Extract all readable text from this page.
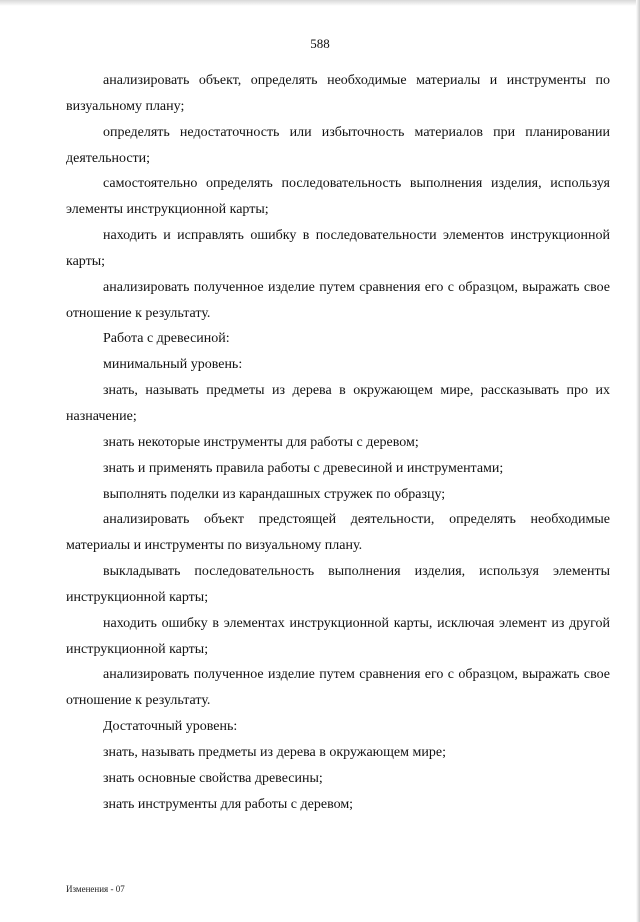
588

анализировать объект, определять необходимые материалы и инструменты по визуальному плану;

определять недостаточность или избыточность материалов при планировании деятельности;

самостоятельно определять последовательность выполнения изделия, используя элементы инструкционной карты;

находить и исправлять ошибку в последовательности элементов инструкционной карты;

анализировать полученное изделие путем сравнения его с образцом, выражать свое отношение к результату.

Работа с древесиной:

минимальный уровень:

знать, называть предметы из дерева в окружающем мире, рассказывать про их назначение;

знать некоторые инструменты для работы с деревом;

знать и применять правила работы с древесиной и инструментами;

выполнять поделки из карандашных стружек по образцу;

анализировать объект предстоящей деятельности, определять необходимые материалы и инструменты по визуальному плану.

выкладывать последовательность выполнения изделия, используя элементы инструкционной карты;

находить ошибку в элементах инструкционной карты, исключая элемент из другой инструкционной карты;

анализировать полученное изделие путем сравнения его с образцом, выражать свое отношение к результату.

Достаточный уровень:

знать, называть предметы из дерева в окружающем мире;

знать основные свойства древесины;

знать инструменты для работы с деревом;

Изменения - 07
